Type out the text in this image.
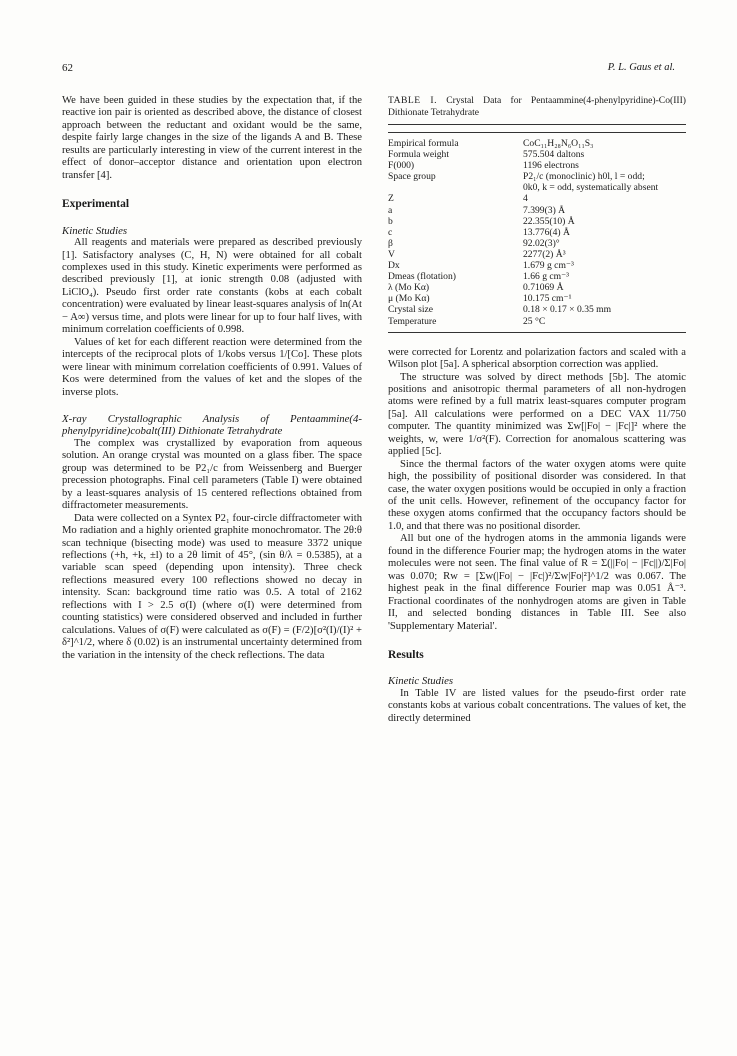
62	P. L. Gaus et al.

We have been guided in these studies by the expectation that, if the reactive ion pair is oriented as described above, the distance of closest approach between the reductant and oxidant would be the same, despite fairly large changes in the size of the ligands A and B. These results are particularly interesting in view of the current interest in the effect of donor–acceptor distance and orientation upon electron transfer [4].

Experimental
Kinetic Studies

All reagents and materials were prepared as described previously [1]. Satisfactory analyses (C, H, N) were obtained for all cobalt complexes used in this study. Kinetic experiments were performed as described previously [1], at ionic strength 0.08 (adjusted with LiClO₄). Pseudo first order rate constants (kobs at each cobalt concentration) were evaluated by linear least-squares analysis of ln(At − A∞) versus time, and plots were linear for up to four half lives, with minimum correlation coefficients of 0.998.

Values of ket for each different reaction were determined from the intercepts of the reciprocal plots of 1/kobs versus 1/[Co]. These plots were linear with minimum correlation coefficients of 0.991. Values of Kos were determined from the values of ket and the slopes of the inverse plots.

X-ray Crystallographic Analysis of Pentaammine(4-phenylpyridine)cobalt(III) Dithionate Tetrahydrate

The complex was crystallized by evaporation from aqueous solution. An orange crystal was mounted on a glass fiber. The space group was determined to be P2₁/c from Weissenberg and Buerger precession photographs. Final cell parameters (Table I) were obtained by a least-squares analysis of 15 centered reflections obtained from diffractometer measurements.

Data were collected on a Syntex P2₁ four-circle diffractometer with Mo radiation and a highly oriented graphite monochromator. The 2θ:θ scan technique (bisecting mode) was used to measure 3372 unique reflections (+h, +k, ±l) to a 2θ limit of 45°, (sin θ/λ = 0.5385), at a variable scan speed (depending upon intensity). Three check reflections measured every 100 reflections showed no decay in intensity. Scan: background time ratio was 0.5. A total of 2162 reflections with I > 2.5 σ(I) (where σ(I) were determined from counting statistics) were considered observed and included in further calculations. Values of σ(F) were calculated as σ(F) = (F/2)[σ²(I)/(I)² + δ²]^1/2, where δ (0.02) is an instrumental uncertainty determined from the variation in the intensity of the check reflections. The data

TABLE I. Crystal Data for Pentaammine(4-phenylpyridine)-Co(III) Dithionate Tetrahydrate

Empirical formula	CoC₁₁H₂₈N₆O₁₁S₃
Formula weight	575.504 daltons
F(000)	1196 electrons
Space group	P2₁/c (monoclinic) h0l, l = odd;
	0k0, k = odd, systematically absent
Z	4
a	7.399(3) Å
b	22.355(10) Å
c	13.776(4) Å
β	92.02(3)°
V	2277(2) Å³
Dx	1.679 g cm⁻³
Dmeas (flotation)	1.66 g cm⁻³
λ (Mo Kα)	0.71069 Å
μ (Mo Kα)	10.175 cm⁻¹
Crystal size	0.18 × 0.17 × 0.35 mm
Temperature	25 °C

were corrected for Lorentz and polarization factors and scaled with a Wilson plot [5a]. A spherical absorption correction was applied.

The structure was solved by direct methods [5b]. The atomic positions and anisotropic thermal parameters of all non-hydrogen atoms were refined by a full matrix least-squares computer program [5a]. All calculations were performed on a DEC VAX 11/750 computer. The quantity minimized was Σw[|Fo| − |Fc|]² where the weights, w, were 1/σ²(F). Correction for anomalous scattering was applied [5c].

Since the thermal factors of the water oxygen atoms were quite high, the possibility of positional disorder was considered. In that case, the water oxygen positions would be occupied in only a fraction of the unit cells. However, refinement of the occupancy factor for these oxygen atoms confirmed that the occupancy factors should be 1.0, and that there was no positional disorder.

All but one of the hydrogen atoms in the ammonia ligands were found in the difference Fourier map; the hydrogen atoms in the water molecules were not seen. The final value of R = Σ(||Fo| − |Fc||)/Σ|Fo| was 0.070; Rw = [Σw(|Fo| − |Fc|)²/Σw|Fo|²]^1/2 was 0.067. The highest peak in the final difference Fourier map was 0.051 Å⁻³. Fractional coordinates of the nonhydrogen atoms are given in Table II, and selected bonding distances in Table III. See also 'Supplementary Material'.

Results
Kinetic Studies

In Table IV are listed values for the pseudo-first order rate constants kobs at various cobalt concentrations. The values of ket, the directly determined
